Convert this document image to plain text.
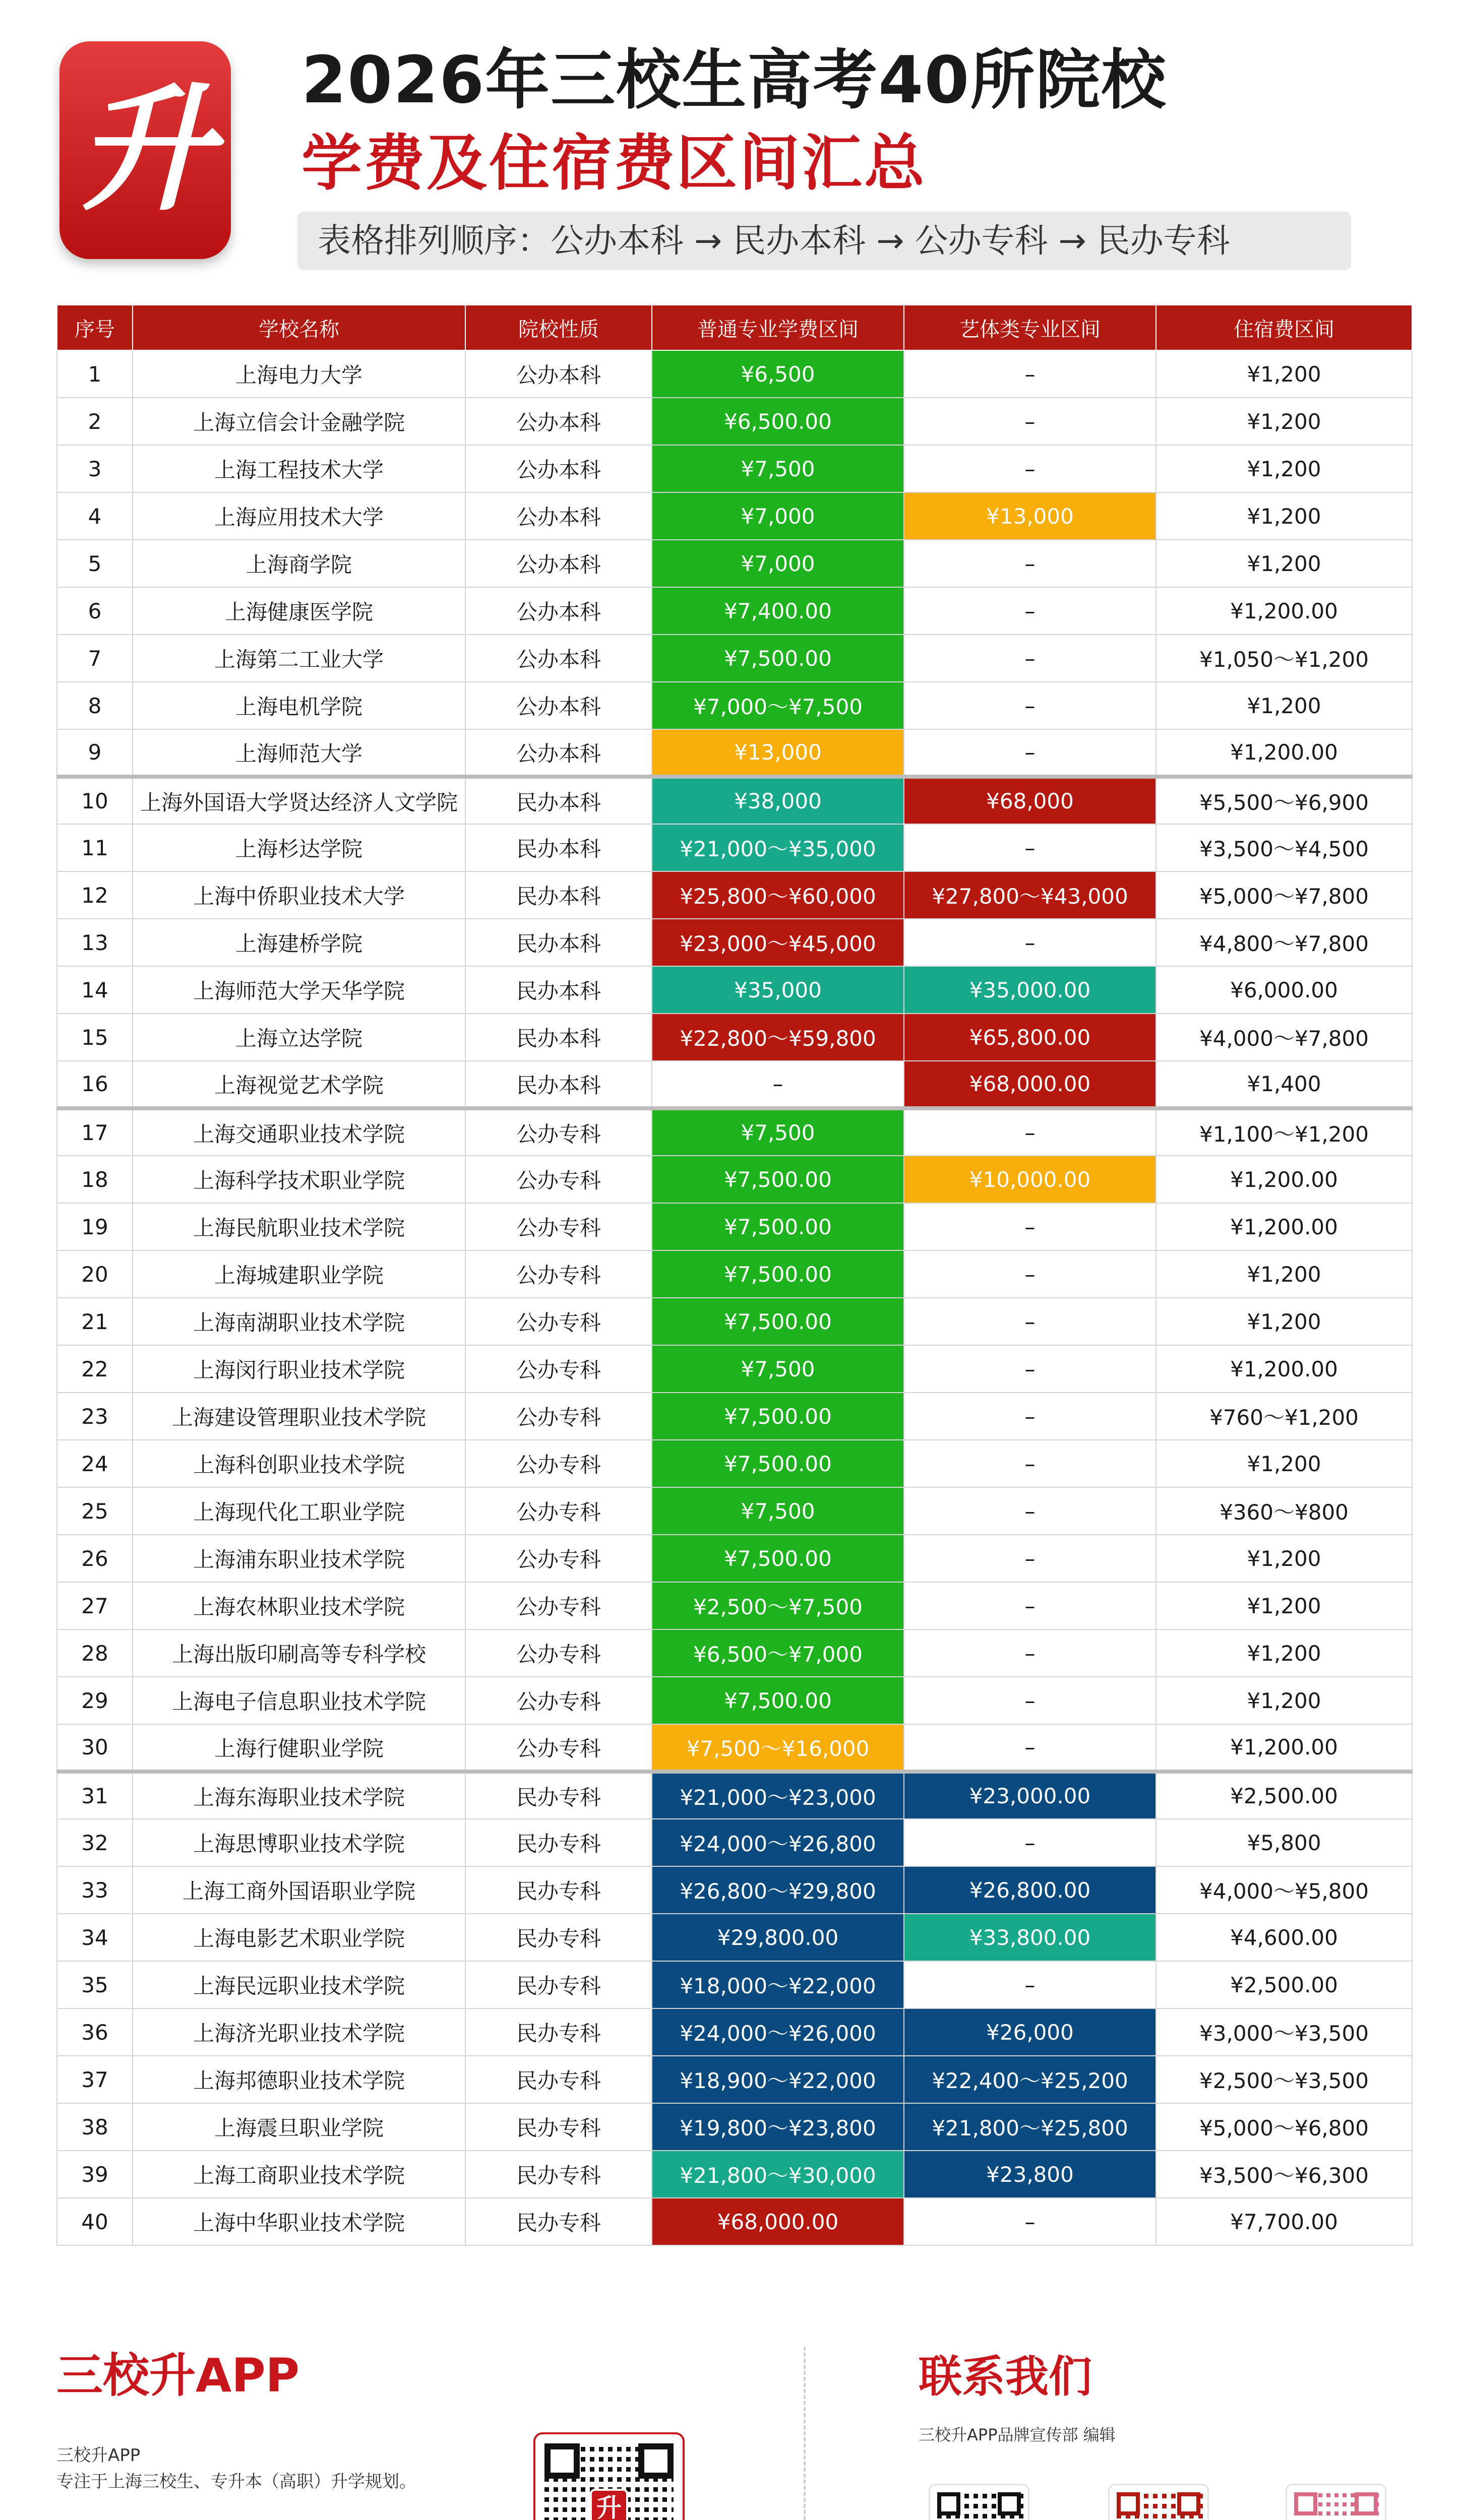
升 2026年三校生高考40所院校
学费及住宿费区间汇总
表格排列顺序：公办本科 → 民办本科 → 公办专科 → 民办专科
序号	学校名称	院校性质	普通专业学费区间	艺体类专业区间	住宿费区间
1	上海电力大学	公办本科	¥6,500	–	¥1,200
2	上海立信会计金融学院	公办本科	¥6,500.00	–	¥1,200
3	上海工程技术大学	公办本科	¥7,500	–	¥1,200
4	上海应用技术大学	公办本科	¥7,000	¥13,000	¥1,200
5	上海商学院	公办本科	¥7,000	–	¥1,200
6	上海健康医学院	公办本科	¥7,400.00	–	¥1,200.00
7	上海第二工业大学	公办本科	¥7,500.00	–	¥1,050～¥1,200
8	上海电机学院	公办本科	¥7,000～¥7,500	–	¥1,200
9	上海师范大学	公办本科	¥13,000	–	¥1,200.00
10	上海外国语大学贤达经济人文学院	民办本科	¥38,000	¥68,000	¥5,500～¥6,900
11	上海杉达学院	民办本科	¥21,000～¥35,000	–	¥3,500～¥4,500
12	上海中侨职业技术大学	民办本科	¥25,800～¥60,000	¥27,800～¥43,000	¥5,000～¥7,800
13	上海建桥学院	民办本科	¥23,000～¥45,000	–	¥4,800～¥7,800
14	上海师范大学天华学院	民办本科	¥35,000	¥35,000.00	¥6,000.00
15	上海立达学院	民办本科	¥22,800～¥59,800	¥65,800.00	¥4,000～¥7,800
16	上海视觉艺术学院	民办本科	–	¥68,000.00	¥1,400
17	上海交通职业技术学院	公办专科	¥7,500	–	¥1,100～¥1,200
18	上海科学技术职业学院	公办专科	¥7,500.00	¥10,000.00	¥1,200.00
19	上海民航职业技术学院	公办专科	¥7,500.00	–	¥1,200.00
20	上海城建职业学院	公办专科	¥7,500.00	–	¥1,200
21	上海南湖职业技术学院	公办专科	¥7,500.00	–	¥1,200
22	上海闵行职业技术学院	公办专科	¥7,500	–	¥1,200.00
23	上海建设管理职业技术学院	公办专科	¥7,500.00	–	¥760～¥1,200
24	上海科创职业技术学院	公办专科	¥7,500.00	–	¥1,200
25	上海现代化工职业学院	公办专科	¥7,500	–	¥360～¥800
26	上海浦东职业技术学院	公办专科	¥7,500.00	–	¥1,200
27	上海农林职业技术学院	公办专科	¥2,500～¥7,500	–	¥1,200
28	上海出版印刷高等专科学校	公办专科	¥6,500～¥7,000	–	¥1,200
29	上海电子信息职业技术学院	公办专科	¥7,500.00	–	¥1,200
30	上海行健职业学院	公办专科	¥7,500～¥16,000	–	¥1,200.00
31	上海东海职业技术学院	民办专科	¥21,000～¥23,000	¥23,000.00	¥2,500.00
32	上海思博职业技术学院	民办专科	¥24,000～¥26,800	–	¥5,800
33	上海工商外国语职业学院	民办专科	¥26,800～¥29,800	¥26,800.00	¥4,000～¥5,800
34	上海电影艺术职业学院	民办专科	¥29,800.00	¥33,800.00	¥4,600.00
35	上海民远职业技术学院	民办专科	¥18,000～¥22,000	–	¥2,500.00
36	上海济光职业技术学院	民办专科	¥24,000～¥26,000	¥26,000	¥3,000～¥3,500
37	上海邦德职业技术学院	民办专科	¥18,900～¥22,000	¥22,400～¥25,200	¥2,500～¥3,500
38	上海震旦职业学院	民办专科	¥19,800～¥23,800	¥21,800～¥25,800	¥5,000～¥6,800
39	上海工商职业技术学院	民办专科	¥21,800～¥30,000	¥23,800	¥3,500～¥6,300
40	上海中华职业技术学院	民办专科	¥68,000.00	–	¥7,700.00
三校升APP
三校升APP
专注于上海三校生、专升本（高职）升学规划。

升
联系我们
三校升APP品牌宣传部 编辑
